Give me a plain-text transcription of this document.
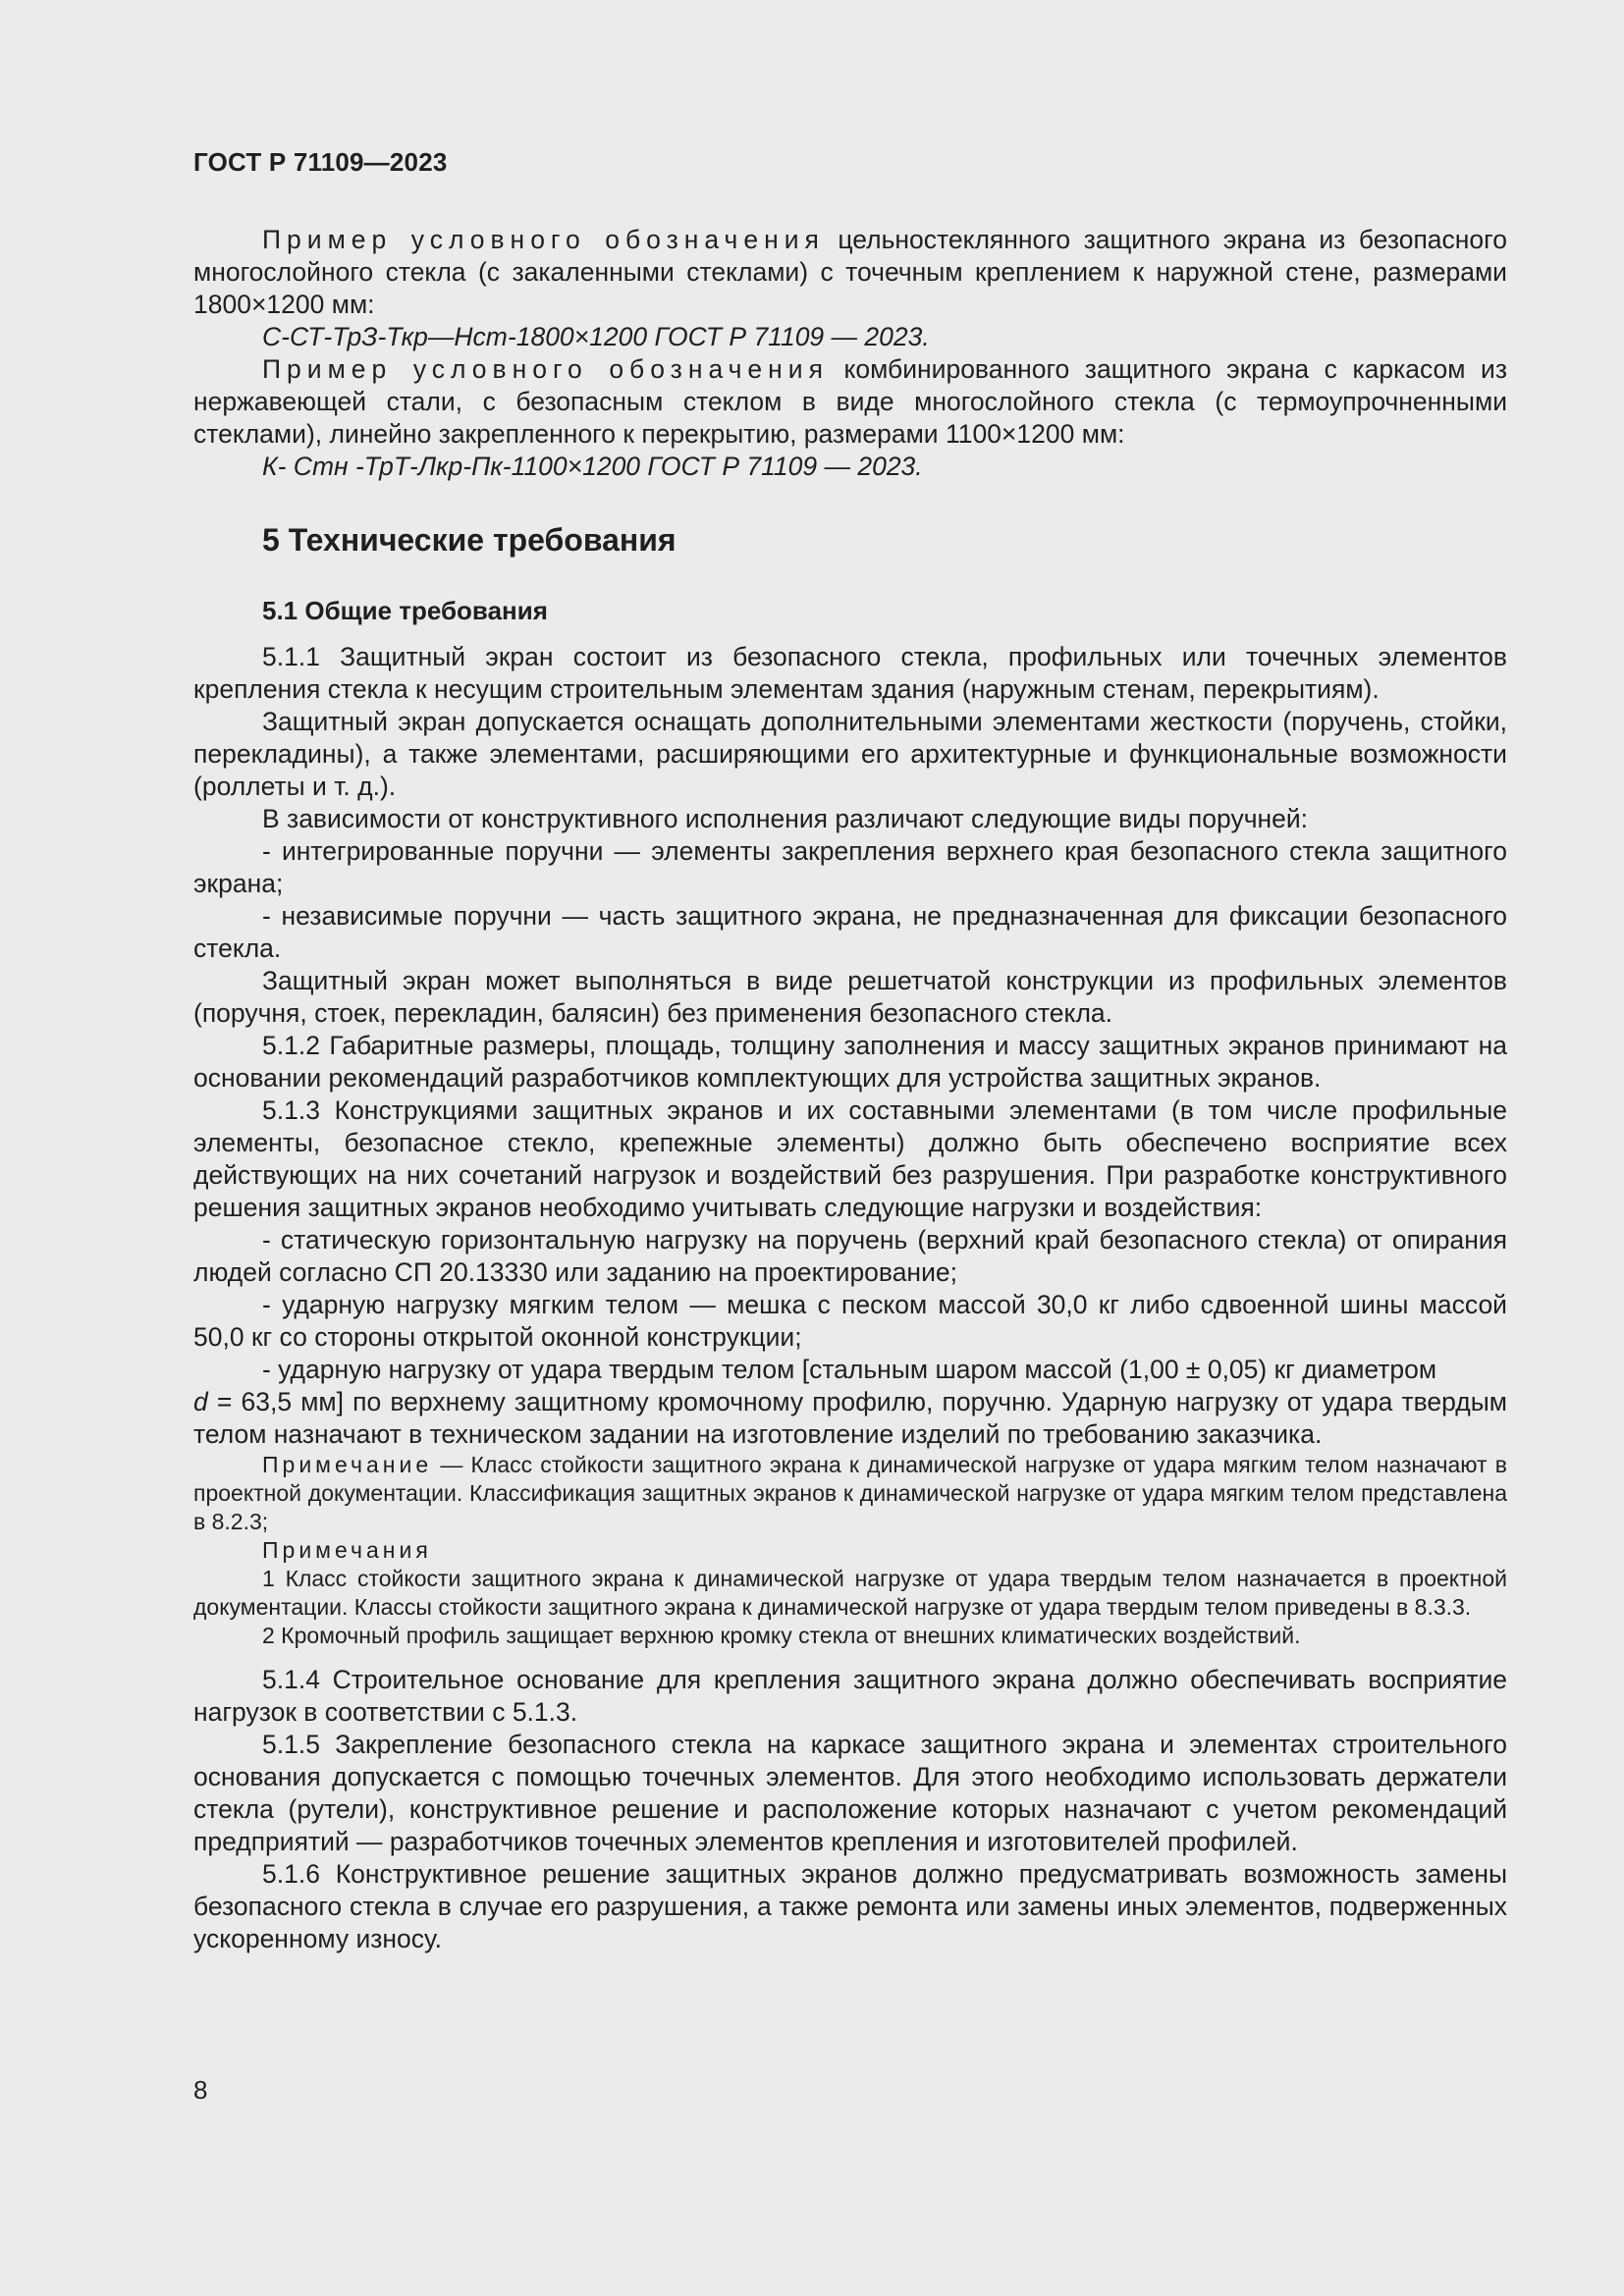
ГОСТ Р 71109—2023

Пример условного обозначения цельностеклянного защитного экрана из безопасного многослойного стекла (с закаленными стеклами) с точечным креплением к наружной стене, размерами 1800×1200 мм:

С-СТ-ТрЗ-Ткр—Нст-1800×1200 ГОСТ Р 71109 — 2023.

Пример условного обозначения комбинированного защитного экрана с каркасом из нержавеющей стали, с безопасным стеклом в виде многослойного стекла (с термоупрочненными стеклами), линейно закрепленного к перекрытию, размерами 1100×1200 мм:

К- Стн -ТрТ-Лкр-Пк-1100×1200 ГОСТ Р 71109 — 2023.

5 Технические требования
5.1 Общие требования

5.1.1 Защитный экран состоит из безопасного стекла, профильных или точечных элементов крепления стекла к несущим строительным элементам здания (наружным стенам, перекрытиям).

Защитный экран допускается оснащать дополнительными элементами жесткости (поручень, стойки, перекладины), а также элементами, расширяющими его архитектурные и функциональные возможности (роллеты и т. д.).

В зависимости от конструктивного исполнения различают следующие виды поручней:

- интегрированные поручни — элементы закрепления верхнего края безопасного стекла защитного экрана;

- независимые поручни — часть защитного экрана, не предназначенная для фиксации безопасного стекла.

Защитный экран может выполняться в виде решетчатой конструкции из профильных элементов (поручня, стоек, перекладин, балясин) без применения безопасного стекла.

5.1.2 Габаритные размеры, площадь, толщину заполнения и массу защитных экранов принимают на основании рекомендаций разработчиков комплектующих для устройства защитных экранов.

5.1.3 Конструкциями защитных экранов и их составными элементами (в том числе профильные элементы, безопасное стекло, крепежные элементы) должно быть обеспечено восприятие всех действующих на них сочетаний нагрузок и воздействий без разрушения. При разработке конструктивного решения защитных экранов необходимо учитывать следующие нагрузки и воздействия:

- статическую горизонтальную нагрузку на поручень (верхний край безопасного стекла) от опирания людей согласно СП 20.13330 или заданию на проектирование;

- ударную нагрузку мягким телом — мешка с песком массой 30,0 кг либо сдвоенной шины массой 50,0 кг со стороны открытой оконной конструкции;

- ударную нагрузку от удара твердым телом [стальным шаром массой (1,00 ± 0,05) кг диаметром
d = 63,5 мм] по верхнему защитному кромочному профилю, поручню. Ударную нагрузку от удара твердым телом назначают в техническом задании на изготовление изделий по требованию заказчика.

Примечание — Класс стойкости защитного экрана к динамической нагрузке от удара мягким телом назначают в проектной документации. Классификация защитных экранов к динамической нагрузке от удара мягким телом представлена в 8.2.3;

Примечания

1 Класс стойкости защитного экрана к динамической нагрузке от удара твердым телом назначается в проектной документации. Классы стойкости защитного экрана к динамической нагрузке от удара твердым телом приведены в 8.3.3.

2 Кромочный профиль защищает верхнюю кромку стекла от внешних климатических воздействий.

5.1.4 Строительное основание для крепления защитного экрана должно обеспечивать восприятие нагрузок в соответствии с 5.1.3.

5.1.5 Закрепление безопасного стекла на каркасе защитного экрана и элементах строительного основания допускается с помощью точечных элементов. Для этого необходимо использовать держатели стекла (рутели), конструктивное решение и расположение которых назначают с учетом рекомендаций предприятий — разработчиков точечных элементов крепления и изготовителей профилей.

5.1.6 Конструктивное решение защитных экранов должно предусматривать возможность замены безопасного стекла в случае его разрушения, а также ремонта или замены иных элементов, подверженных ускоренному износу.

8
